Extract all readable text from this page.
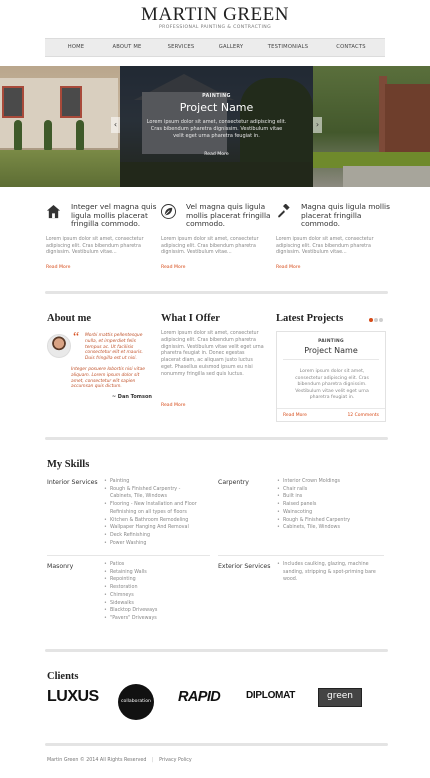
MARTIN GREEN
PROFESSIONAL PAINTING & CONTRACTING
HOME	ABOUT ME	SERVICES	GALLERY	TESTIMONIALS	CONTACTS
PAINTING
Project Name
Lorem ipsum dolor sit amet, consectetur adipiscing elit. Cras bibendum pharetra dignissim. Vestibulum vitae velit eget urna pharetra feugiat in.
Read More
‹	›
Integer vel magna quis ligula mollis placerat fringilla commodo.
Lorem ipsum dolor sit amet, consectetur adipiscing elit. Cras bibendum pharetra dignissim. Vestibulum vitae...
Read More
Vel magna quis ligula mollis placerat fringilla commodo.
Lorem ipsum dolor sit amet, consectetur adipiscing elit. Cras bibendum pharetra dignissim. Vestibulum vitae...
Read More
Magna quis ligula mollis placerat fringilla commodo.
Lorem ipsum dolor sit amet, consectetur adipiscing elit. Cras bibendum pharetra dignissim. Vestibulum vitae...
Read More
About me
“ Morbi mattis pellentesque nulla, et imperdiet felis tempus ac. Ut facilisis consectetur elit et mauris. Duis fringilla est ut nisi.
Integer posuere lobortis nisi vitae aliquam. Lorem ipsum dolor sit amet, consectetur elit sapien accumsan quis dictum.
~ Dan Tomson
What I Offer
Lorem ipsum dolor sit amet, consectetur adipiscing elit. Cras bibendum pharetra dignissim. Vestibulum vitae velit eget urna pharetra feugiat in. Donec egestas placerat diam, ac aliquam justo luctus eget. Phasellus euismod ipsum eu nisi nonummy fringilla sed quis luctus.
Read More
Latest Projects
PAINTING
Project Name
Lorem ipsum dolor sit amet, consectetur adipiscing elit. Cras bibendum pharetra dignissim. Vestibulum vitae velit eget urna pharetra feugiat in.
Read More	12 Comments
My Skills
Interior Services	• Painting
• Rough & Finished Carpentry - Cabinets, Tile, Windows
• Flooring - New Installation and Floor Refinishing on all types of floors
• Kitchen & Bathroom Remodeling
• Wallpaper Hanging And Removal
• Deck Refinishing
• Power Washing
Carpentry	• Interior Crown Moldings
• Chair rails
• Built ins
• Raised panels
• Wainscoting
• Rough & Finished Carpentry
• Cabinets, Tile, Windows
Masonry	• Patios
• Retaining Walls
• Repointing
• Restoration
• Chimneys
• Sidewalks
• Blacktop Driveways
• "Pavers" Driveways
Exterior Services	• Includes caulking, glazing, machine sanding, stripping & spot-priming bare wood.
Clients
LUXUS	collaboration RAPID	DIPLOMAT	green
Martin Green © 2014 All Rights Reserved | Privacy Policy
